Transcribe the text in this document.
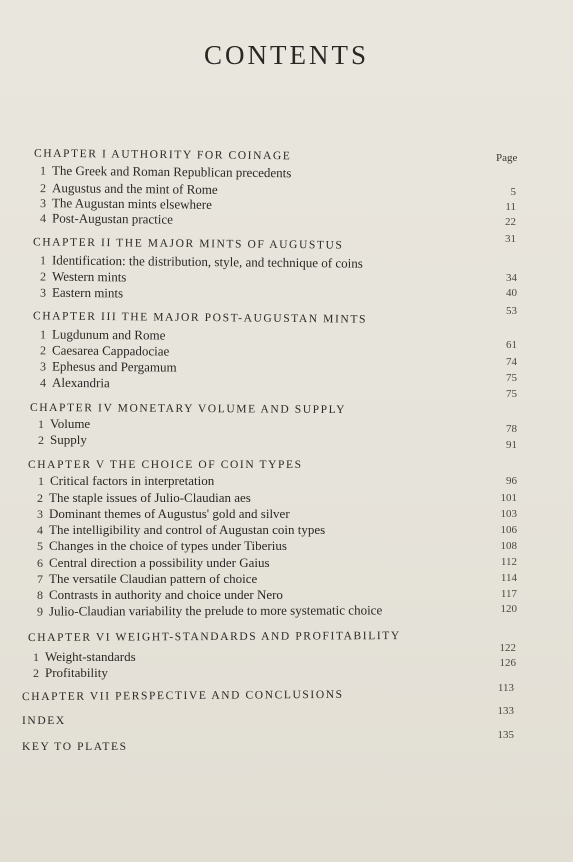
CONTENTS
Page
CHAPTER I AUTHORITY FOR COINAGE
1 The Greek and Roman Republican precedents
2 Augustus and the mint of Rome
3 The Augustan mints elsewhere
4 Post-Augustan practice
CHAPTER II THE MAJOR MINTS OF AUGUSTUS
1 Identification: the distribution, style, and technique of coins
2 Western mints
3 Eastern mints
CHAPTER III THE MAJOR POST-AUGUSTAN MINTS
1 Lugdunum and Rome
2 Caesarea Cappadociae
3 Ephesus and Pergamum
4 Alexandria
CHAPTER IV MONETARY VOLUME AND SUPPLY
1 Volume
2 Supply
CHAPTER V THE CHOICE OF COIN TYPES
1 Critical factors in interpretation
2 The staple issues of Julio-Claudian aes
3 Dominant themes of Augustus' gold and silver
4 The intelligibility and control of Augustan coin types
5 Changes in the choice of types under Tiberius
6 Central direction a possibility under Gaius
7 The versatile Claudian pattern of choice
8 Contrasts in authority and choice under Nero
9 Julio-Claudian variability the prelude to more systematic choice
CHAPTER VI WEIGHT-STANDARDS AND PROFITABILITY
1 Weight-standards
2 Profitability
CHAPTER VII PERSPECTIVE AND CONCLUSIONS
INDEX
KEY TO PLATES
5
11
22
31
34
40
53
61
74
75
75
78
91
96
101
103
106
108
112
114
117
120
122
126
113
133
135
